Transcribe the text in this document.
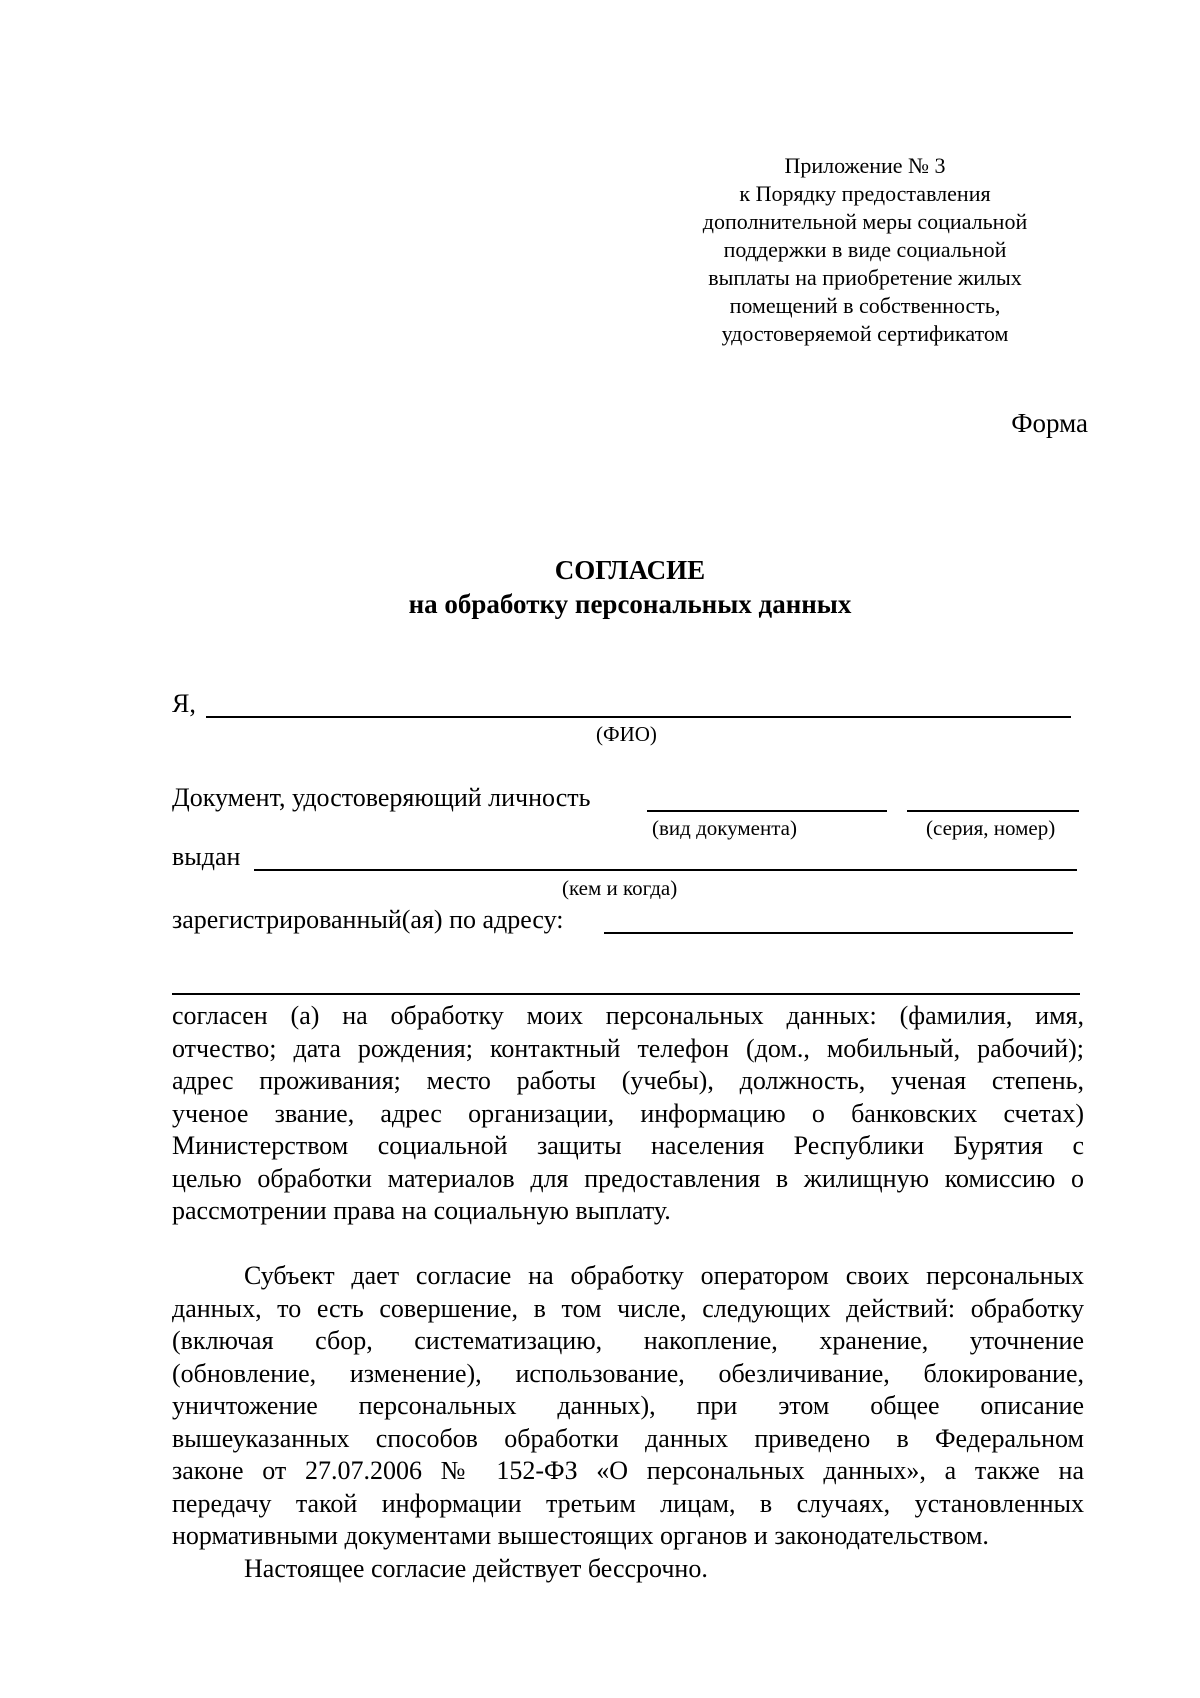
Приложение № 3
к Порядку предоставления
дополнительной меры социальной
поддержки в виде социальной
выплаты на приобретение жилых
помещений в собственность,
удостоверяемой сертификатом
Форма
СОГЛАСИЕ
на обработку персональных данных
Я,
(ФИО)
Документ, удостоверяющий личность
(вид документа)	(серия, номер)
выдан
(кем и когда)
зарегистрированный(ая) по адресу:
согласен (а) на обработку моих персональных данных: (фамилия, имя,
отчество; дата рождения; контактный телефон (дом., мобильный, рабочий);
адрес проживания; место работы (учебы), должность, ученая степень,
ученое звание, адрес организации, информацию о банковских счетах)
Министерством социальной защиты населения Республики Бурятия с
целью обработки материалов для предоставления в жилищную комиссию о
рассмотрении права на социальную выплату.
Субъект дает согласие на обработку оператором своих персональных
данных, то есть совершение, в том числе, следующих действий: обработку
(включая сбор, систематизацию, накопление, хранение, уточнение
(обновление, изменение), использование, обезличивание, блокирование,
уничтожение персональных данных), при этом общее описание
вышеуказанных способов обработки данных приведено в Федеральном
законе от 27.07.2006 № 152-ФЗ «О персональных данных», а также на
передачу такой информации третьим лицам, в случаях, установленных
нормативными документами вышестоящих органов и законодательством.
Настоящее согласие действует бессрочно.
